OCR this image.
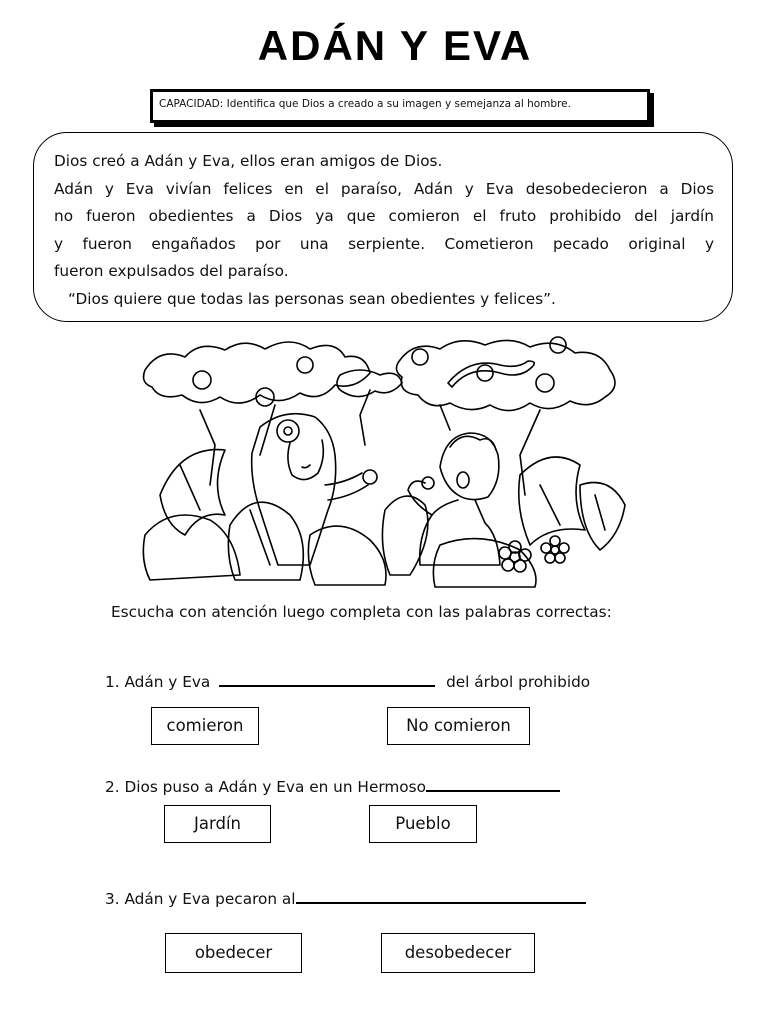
ADÁN Y EVA
CAPACIDAD: Identifica que Dios a creado a su imagen y semejanza al hombre.

Dios creó a Adán y Eva, ellos eran amigos de Dios.

Adán y Eva vivían felices en el paraíso, Adán y Eva desobedecieron a Dios

no fueron obedientes a Dios ya que comieron el fruto prohibido del jardín

y fueron engañados por una serpiente. Cometieron pecado original y

fueron expulsados del paraíso.

“Dios quiere que todas las personas sean obedientes y felices”.

Escucha con atención luego completa con las palabras correctas:
1. Adán y Eva	del árbol prohibido
comieron	No comieron
2. Dios puso a Adán y Eva en un Hermoso
Jardín	Pueblo
3. Adán y Eva pecaron al
obedecer	desobedecer
